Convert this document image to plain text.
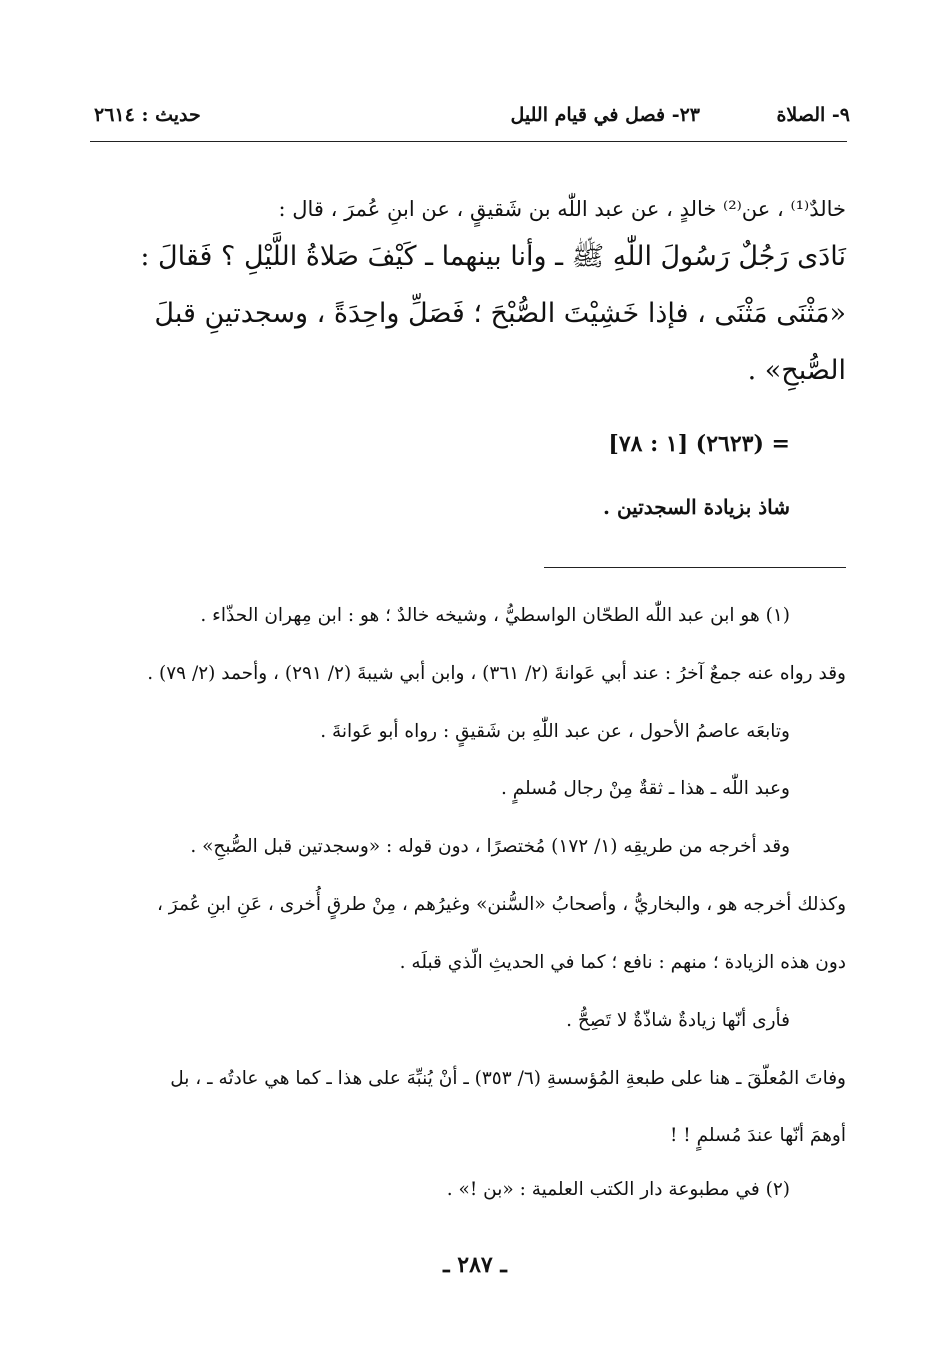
٩- الصلاة
٢٣- فصل في قيام الليل
حديث : ٢٦١٤

خالدٌ⁽¹⁾ ، عن⁽²⁾ خالدٍ ، عن عبد اللّٰه بن شَقيقٍ ، عن ابنِ عُمرَ ، قال :

نَادَى رَجُلٌ رَسُولَ اللّٰهِ ﷺ ـ وأنا بينهما ـ كَيْفَ صَلاةُ اللَّيْلِ ؟ فَقالَ :

«مَثْنَى مَثْنَى ، فإذا خَشِيْتَ الصُّبْحَ ؛ فَصَلِّ واحِدَةً ، وسجدتينِ قبلَ

الصُّبحِ» .

= (٢٦٢٣) [١ : ٧٨]
شاذ بزيادة السجدتين .
(١) هو ابن عبد اللّٰه الطحّان الواسطيُّ ، وشيخه خالدٌ ؛ هو : ابن مِهران الحذّاء .
وقد رواه عنه جمعٌ آخرُ : عند أبي عَوانةَ (٢/ ٣٦١) ، وابن أبي شيبةَ (٢/ ٢٩١) ، وأحمد (٢/ ٧٩) .
وتابعَه عاصمُ الأحول ، عن عبد اللّٰهِ بن شَقيقٍ : رواه أبو عَوانةَ .
وعبد اللّٰه ـ هذا ـ ثقةٌ مِنْ رجال مُسلمٍ .
وقد أخرجه من طريقِه (١/ ١٧٢) مُختصرًا ، دون قوله : «وسجدتين قبل الصُّبحِ» .
وكذلك أخرجه هو ، والبخاريُّ ، وأصحابُ «السُّنن» وغيرُهم ، مِنْ طرقٍ أُخرى ، عَنِ ابنِ عُمرَ ،
دون هذه الزيادة ؛ منهم : نافع ؛ كما في الحديثِ الّذي قبلَه .
فأرى أنّها زيادةٌ شاذّةٌ لا تَصِحُّ .
وفاتَ المُعلّقَ ـ هنا على طبعةِ المُؤسسةِ (٦/ ٣٥٣) ـ أنْ يُنبِّهَ على هذا ـ كما هي عادتُه ـ ، بل
أوهمَ أنّها عندَ مُسلمٍ ! !
(٢) في مطبوعة دار الكتب العلمية : «بن !» .
ـ ٢٨٧ ـ
